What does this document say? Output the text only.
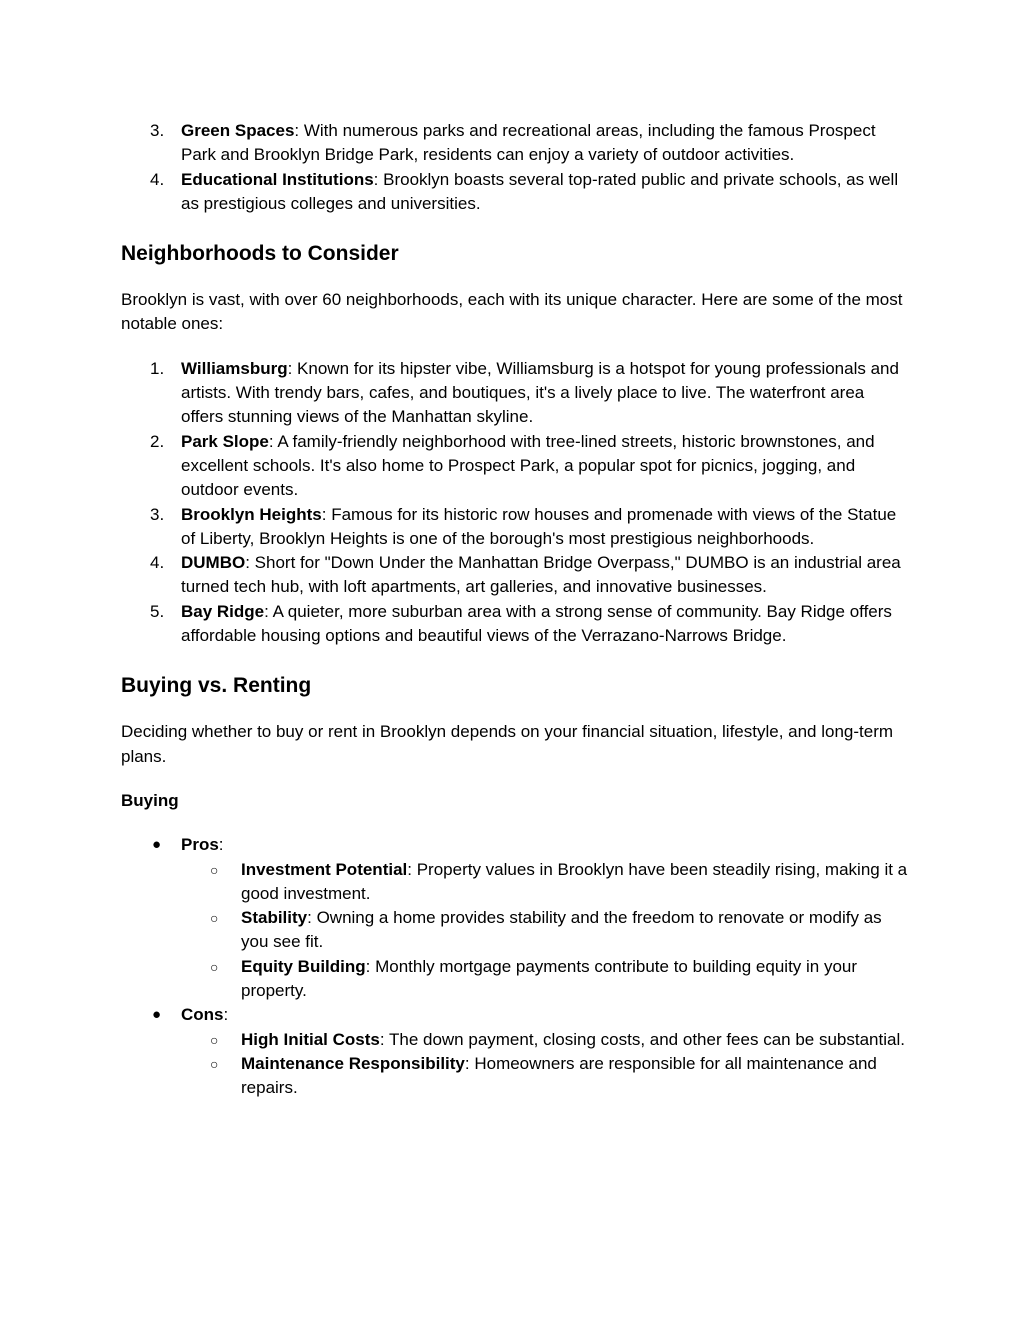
3. Green Spaces: With numerous parks and recreational areas, including the famous Prospect Park and Brooklyn Bridge Park, residents can enjoy a variety of outdoor activities.
4. Educational Institutions: Brooklyn boasts several top-rated public and private schools, as well as prestigious colleges and universities.
Neighborhoods to Consider

Brooklyn is vast, with over 60 neighborhoods, each with its unique character. Here are some of the most notable ones:

1. Williamsburg: Known for its hipster vibe, Williamsburg is a hotspot for young professionals and artists. With trendy bars, cafes, and boutiques, it's a lively place to live. The waterfront area offers stunning views of the Manhattan skyline.
2. Park Slope: A family-friendly neighborhood with tree-lined streets, historic brownstones, and excellent schools. It's also home to Prospect Park, a popular spot for picnics, jogging, and outdoor events.
3. Brooklyn Heights: Famous for its historic row houses and promenade with views of the Statue of Liberty, Brooklyn Heights is one of the borough's most prestigious neighborhoods.
4. DUMBO: Short for "Down Under the Manhattan Bridge Overpass," DUMBO is an industrial area turned tech hub, with loft apartments, art galleries, and innovative businesses.
5. Bay Ridge: A quieter, more suburban area with a strong sense of community. Bay Ridge offers affordable housing options and beautiful views of the Verrazano-Narrows Bridge.
Buying vs. Renting

Deciding whether to buy or rent in Brooklyn depends on your financial situation, lifestyle, and long-term plans.

Buying

● Pros:
○ Investment Potential: Property values in Brooklyn have been steadily rising, making it a good investment.
○ Stability: Owning a home provides stability and the freedom to renovate or modify as you see fit.
○ Equity Building: Monthly mortgage payments contribute to building equity in your property.
● Cons:
○ High Initial Costs: The down payment, closing costs, and other fees can be substantial.
○ Maintenance Responsibility: Homeowners are responsible for all maintenance and repairs.
